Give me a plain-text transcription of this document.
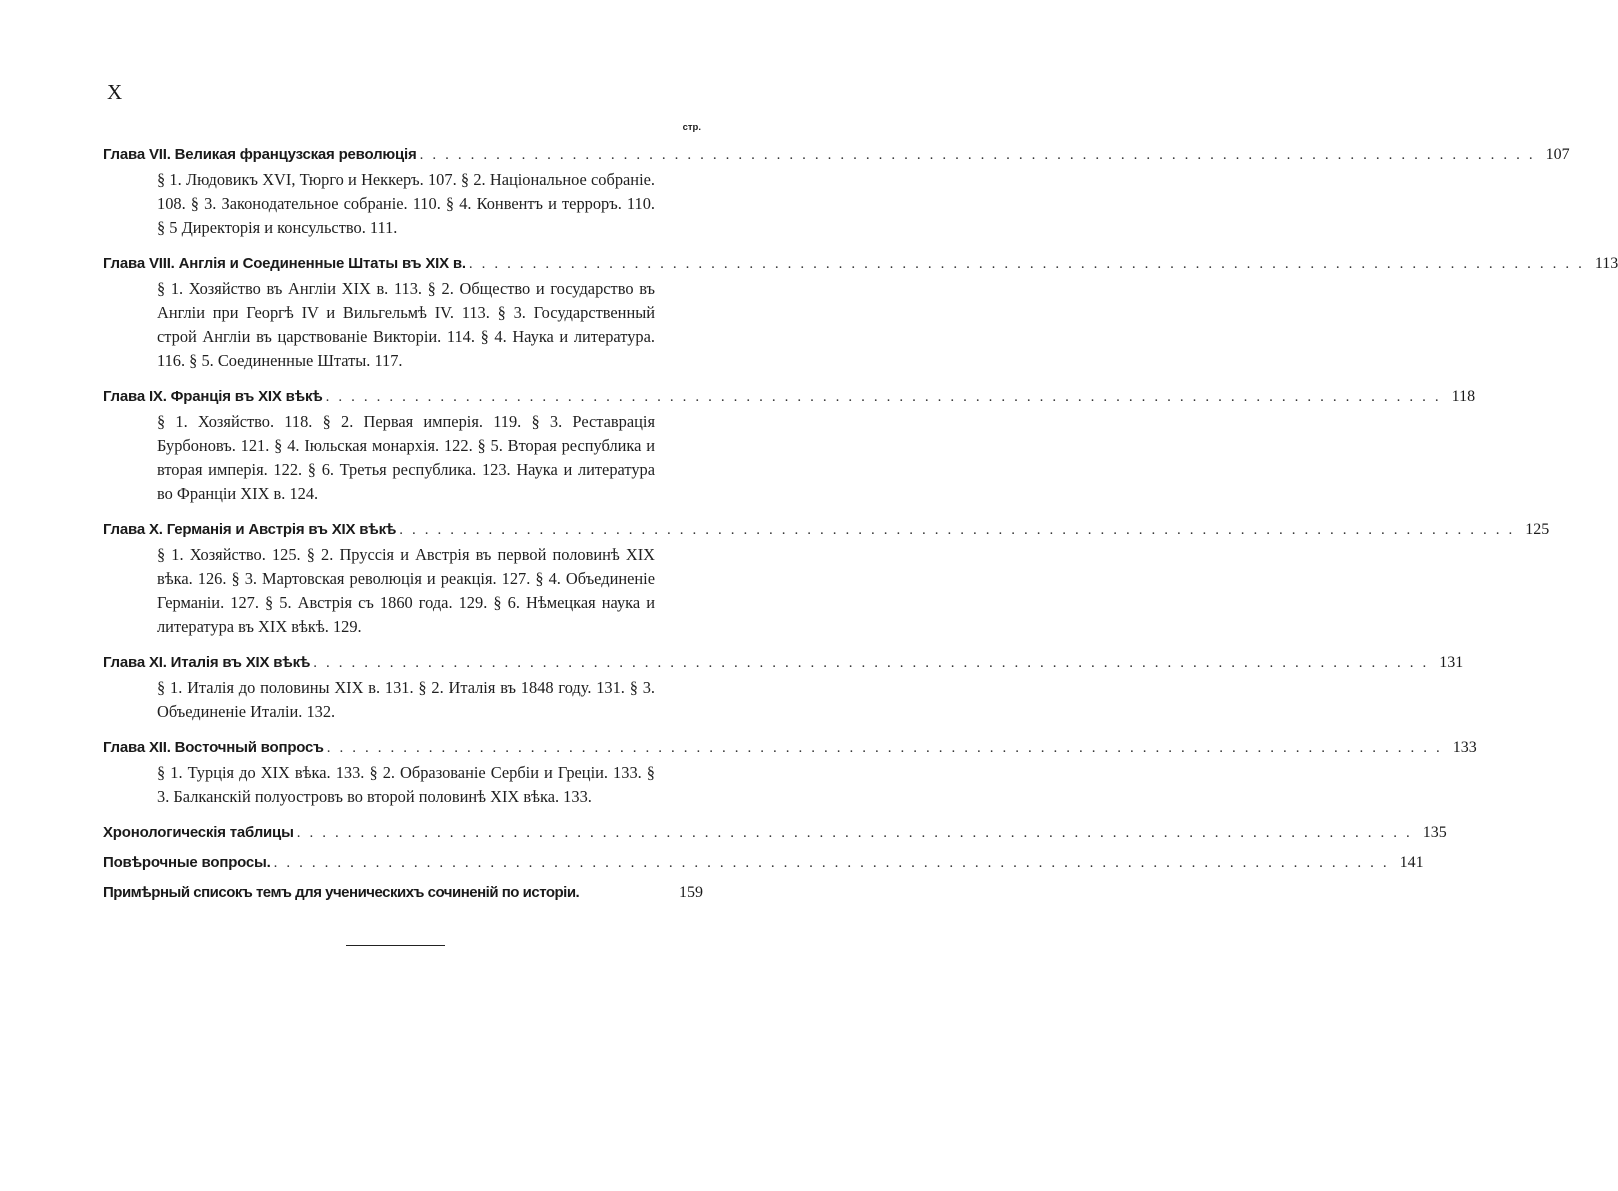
X
стр.
Глава VII. Великая французская революція ........................................................................................ 107
§ 1. Людовикъ XVI, Тюрго и Неккеръ. 107. § 2. Національное собраніе. 108. § 3. Законодательное собраніе. 110. § 4. Конвентъ и терроръ. 110. § 5 Директорія и консульство. 111.
Глава VIII. Англія и Соединенные Штаты въ XIX в. ........................................................................................ 113
§ 1. Хозяйство въ Англіи XIX в. 113. § 2. Общество и государство въ Англіи при Георгѣ IV и Вильгельмѣ IV. 113. § 3. Государственный строй Англіи въ царствованіе Викторіи. 114. § 4. Наука и литература. 116. § 5. Соединенные Штаты. 117.
Глава IX. Франція въ XIX вѣкѣ ........................................................................................ 118
§ 1. Хозяйство. 118. § 2. Первая имперія. 119. § 3. Реставрація Бурбоновъ. 121. § 4. Іюльская монархія. 122. § 5. Вторая республика и вторая имперія. 122. § 6. Третья республика. 123. Наука и литература во Франціи XIX в. 124.
Глава X. Германія и Австрія въ XIX вѣкѣ ........................................................................................ 125
§ 1. Хозяйство. 125. § 2. Пруссія и Австрія въ первой половинѣ XIX вѣка. 126. § 3. Мартовская революція и реакція. 127. § 4. Объединеніе Германіи. 127. § 5. Австрія съ 1860 года. 129. § 6. Нѣмецкая наука и литература въ XIX вѣкѣ. 129.
Глава XI. Италія въ XIX вѣкѣ ........................................................................................ 131
§ 1. Италія до половины XIX в. 131. § 2. Италія въ 1848 году. 131. § 3. Объединеніе Италіи. 132.
Глава XII. Восточный вопросъ ........................................................................................ 133
§ 1. Турція до XIX вѣка. 133. § 2. Образованіе Сербіи и Греціи. 133. § 3. Балканскій полуостровъ во второй половинѣ XIX вѣка. 133.
Хронологическія таблицы ........................................................................................ 135
Повѣрочные вопросы. ........................................................................................ 141
Примѣрный списокъ темъ для ученическихъ сочиненій по исторіи.	159
